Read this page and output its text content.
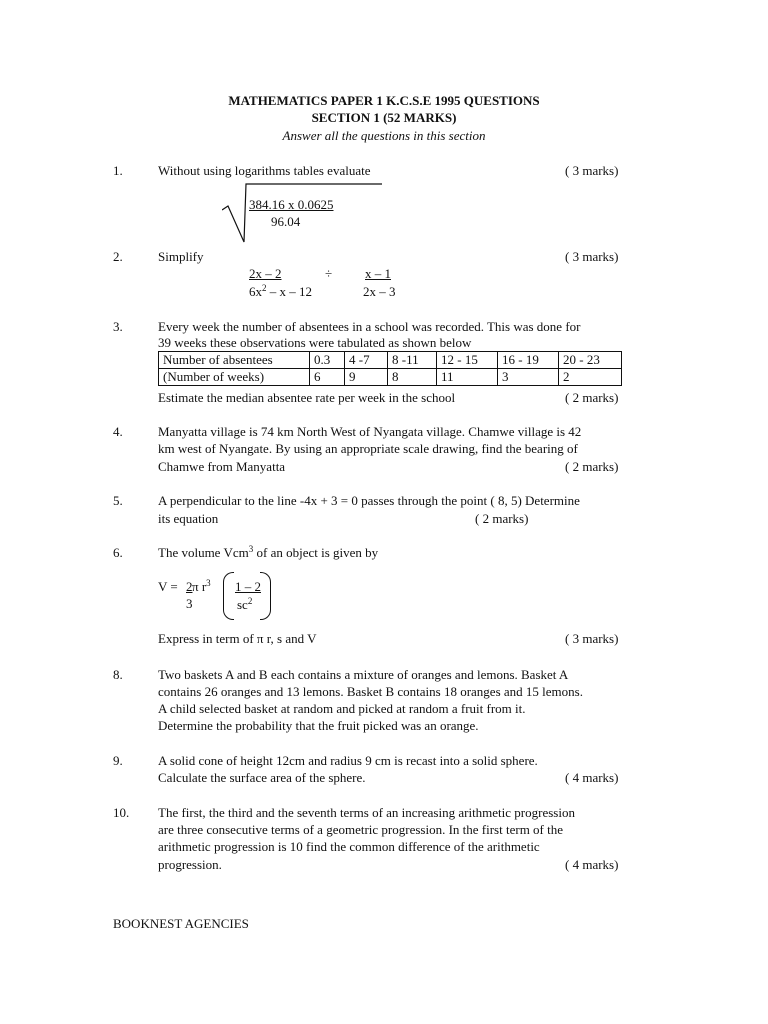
MATHEMATICS PAPER 1 K.C.S.E 1995 QUESTIONS
SECTION 1 (52 MARKS)
Answer all the questions in this section
1.	Without using logarithms tables evaluate	( 3 marks)
384.16 x 0.0625
96.04
2.	Simplify	( 3 marks)
2x – 2
$6x^2$ – x – 12
÷	x – 1
2x – 3
3.	Every week the number of absentees in a school was recorded. This was done for
39 weeks these observations were tabulated as shown below
Number of absentees	0.3	4 -7	8 -11	12 - 15	16 - 19	20 - 23
(Number of weeks)	6	9	8	11	3	2
Estimate the median absentee rate per week in the school	( 2 marks)
4.	Manyatta village is 74 km North West of Nyangata village. Chamwe village is 42
km west of Nyangate. By using an appropriate scale drawing, find the bearing of
Chamwe from Manyatta	( 2 marks)
5.	A perpendicular to the line -4x + 3 = 0 passes through the point ( 8, 5) Determine
its equation	( 2 marks)
6.	The volume Vcm$^3$ of an object is given by
V = 2
3
π $r^3 \frac{1 - 2}{sc^2}$
Express in term of π r, s and V	( 3 marks)
8.	Two baskets A and B each contains a mixture of oranges and lemons. Basket A
contains 26 oranges and 13 lemons. Basket B contains 18 oranges and 15 lemons.
A child selected basket at random and picked at random a fruit from it.
Determine the probability that the fruit picked was an orange.
9.	A solid cone of height 12cm and radius 9 cm is recast into a solid sphere.
Calculate the surface area of the sphere.	( 4 marks)
10. The first, the third and the seventh terms of an increasing arithmetic progression
are three consecutive terms of a geometric progression. In the first term of the
arithmetic progression is 10 find the common difference of the arithmetic
progression.	( 4 marks)
BOOKNEST AGENCIES
